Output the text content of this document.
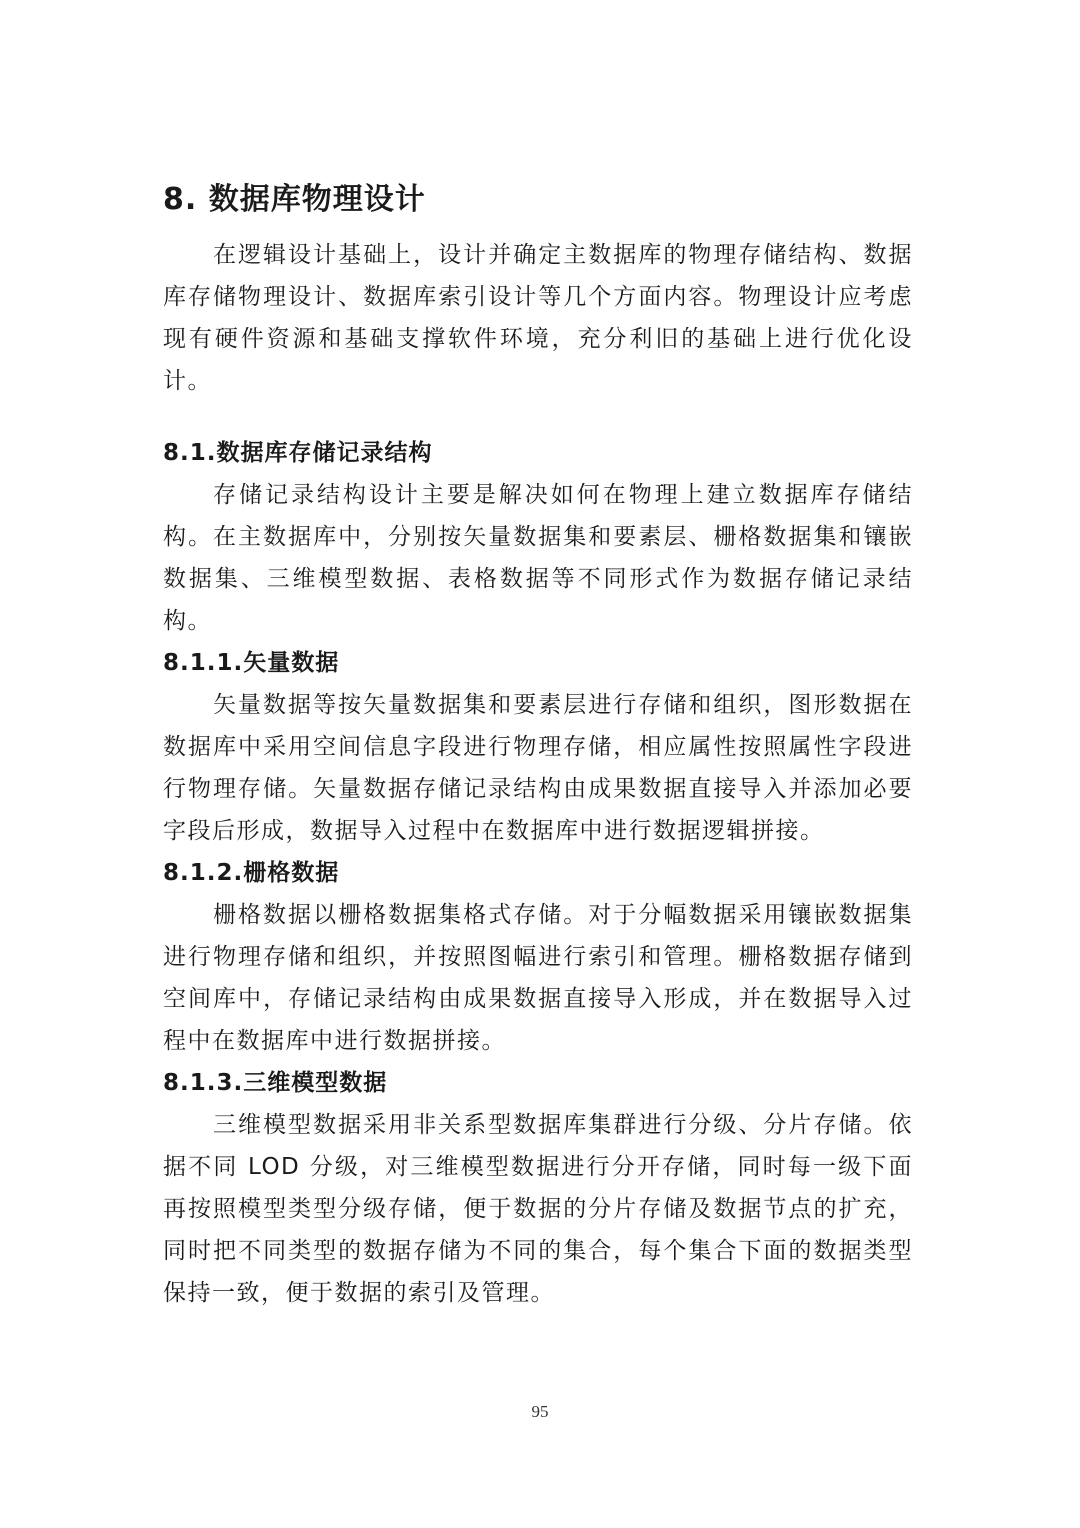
8. 数据库物理设计

在逻辑设计基础上，设计并确定主数据库的物理存储结构、数据库存储物理设计、数据库索引设计等几个方面内容。物理设计应考虑现有硬件资源和基础支撑软件环境，充分利旧的基础上进行优化设计。

8.1.数据库存储记录结构

存储记录结构设计主要是解决如何在物理上建立数据库存储结构。在主数据库中，分别按矢量数据集和要素层、栅格数据集和镶嵌数据集、三维模型数据、表格数据等不同形式作为数据存储记录结构。

8.1.1.矢量数据

矢量数据等按矢量数据集和要素层进行存储和组织，图形数据在数据库中采用空间信息字段进行物理存储，相应属性按照属性字段进行物理存储。矢量数据存储记录结构由成果数据直接导入并添加必要字段后形成，数据导入过程中在数据库中进行数据逻辑拼接。

8.1.2.栅格数据

栅格数据以栅格数据集格式存储。对于分幅数据采用镶嵌数据集进行物理存储和组织，并按照图幅进行索引和管理。栅格数据存储到空间库中，存储记录结构由成果数据直接导入形成，并在数据导入过程中在数据库中进行数据拼接。

8.1.3.三维模型数据

三维模型数据采用非关系型数据库集群进行分级、分片存储。依据不同 LOD 分级，对三维模型数据进行分开存储，同时每一级下面再按照模型类型分级存储，便于数据的分片存储及数据节点的扩充，同时把不同类型的数据存储为不同的集合，每个集合下面的数据类型保持一致，便于数据的索引及管理。

95
